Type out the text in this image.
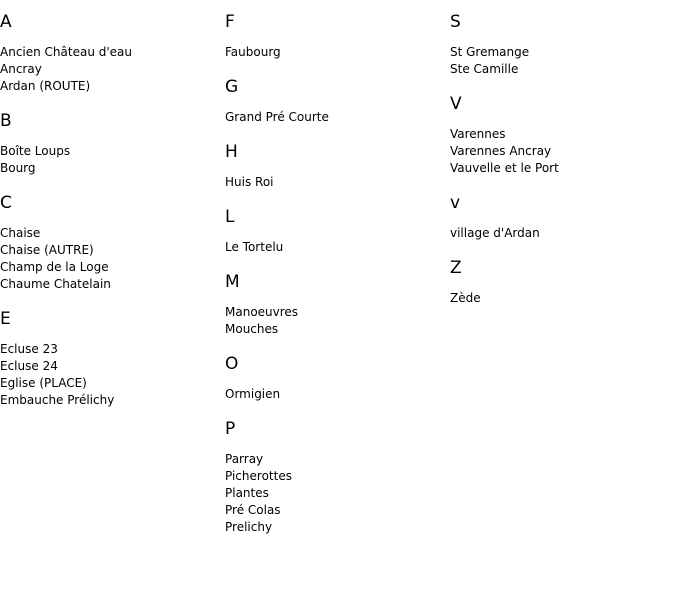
A
Ancien Château d'eau
Ancray
Ardan (ROUTE)
B
Boîte Loups
Bourg
C
Chaise
Chaise (AUTRE)
Champ de la Loge
Chaume Chatelain
E
Ecluse 23
Ecluse 24
Eglise (PLACE)
Embauche Prélichy
F
Faubourg
G
Grand Pré Courte
H
Huis Roi
L
Le Tortelu
M
Manoeuvres
Mouches
O
Ormigien
P
Parray
Picherottes
Plantes
Pré Colas
Prelichy
S
St Gremange
Ste Camille
V
Varennes
Varennes Ancray
Vauvelle et le Port
v
village d'Ardan
Z
Zède
